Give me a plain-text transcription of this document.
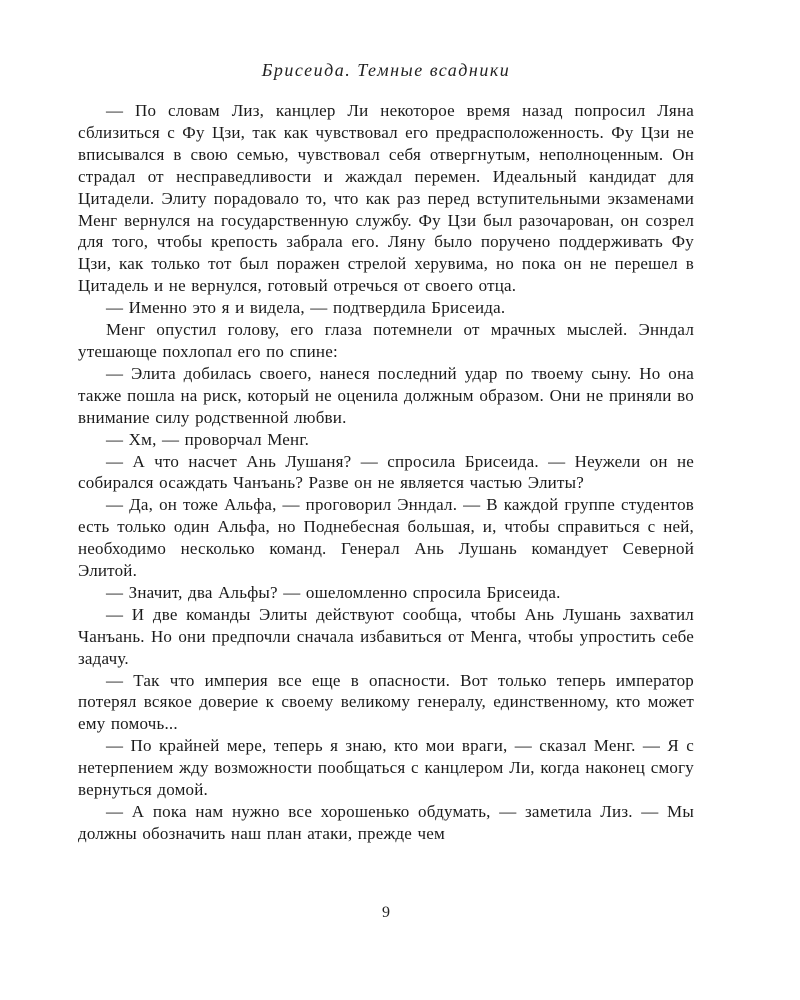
Брисеида. Темные всадники

— По словам Лиз, канцлер Ли некоторое время назад попросил Ляна сблизиться с Фу Цзи, так как чувствовал его предрасположенность. Фу Цзи не вписывался в свою семью, чувствовал себя отвергнутым, неполноценным. Он страдал от несправедливости и жаждал перемен. Идеальный кандидат для Цитадели. Элиту порадовало то, что как раз перед вступительными экзаменами Менг вернулся на государственную службу. Фу Цзи был разочарован, он созрел для того, чтобы крепость забрала его. Ляну было поручено поддерживать Фу Цзи, как только тот был поражен стрелой херувима, но пока он не перешел в Цитадель и не вернулся, готовый отречься от своего отца.

— Именно это я и видела, — подтвердила Брисеида.

Менг опустил голову, его глаза потемнели от мрачных мыслей. Энндал утешающе похлопал его по спине:

— Элита добилась своего, нанеся последний удар по твоему сыну. Но она также пошла на риск, который не оценила должным образом. Они не приняли во внимание силу родственной любви.

— Хм, — проворчал Менг.

— А что насчет Ань Лушаня? — спросила Брисеида. — Неужели он не собирался осаждать Чанъань? Разве он не является частью Элиты?

— Да, он тоже Альфа, — проговорил Энндал. — В каждой группе студентов есть только один Альфа, но Поднебесная большая, и, чтобы справиться с ней, необходимо несколько команд. Генерал Ань Лушань командует Северной Элитой.

— Значит, два Альфы? — ошеломленно спросила Брисеида.

— И две команды Элиты действуют сообща, чтобы Ань Лушань захватил Чанъань. Но они предпочли сначала избавиться от Менга, чтобы упростить себе задачу.

— Так что империя все еще в опасности. Вот только теперь император потерял всякое доверие к своему великому генералу, единственному, кто может ему помочь...

— По крайней мере, теперь я знаю, кто мои враги, — сказал Менг. — Я с нетерпением жду возможности пообщаться с канцлером Ли, когда наконец смогу вернуться домой.

— А пока нам нужно все хорошенько обдумать, — заметила Лиз. — Мы должны обозначить наш план атаки, прежде чем

9
